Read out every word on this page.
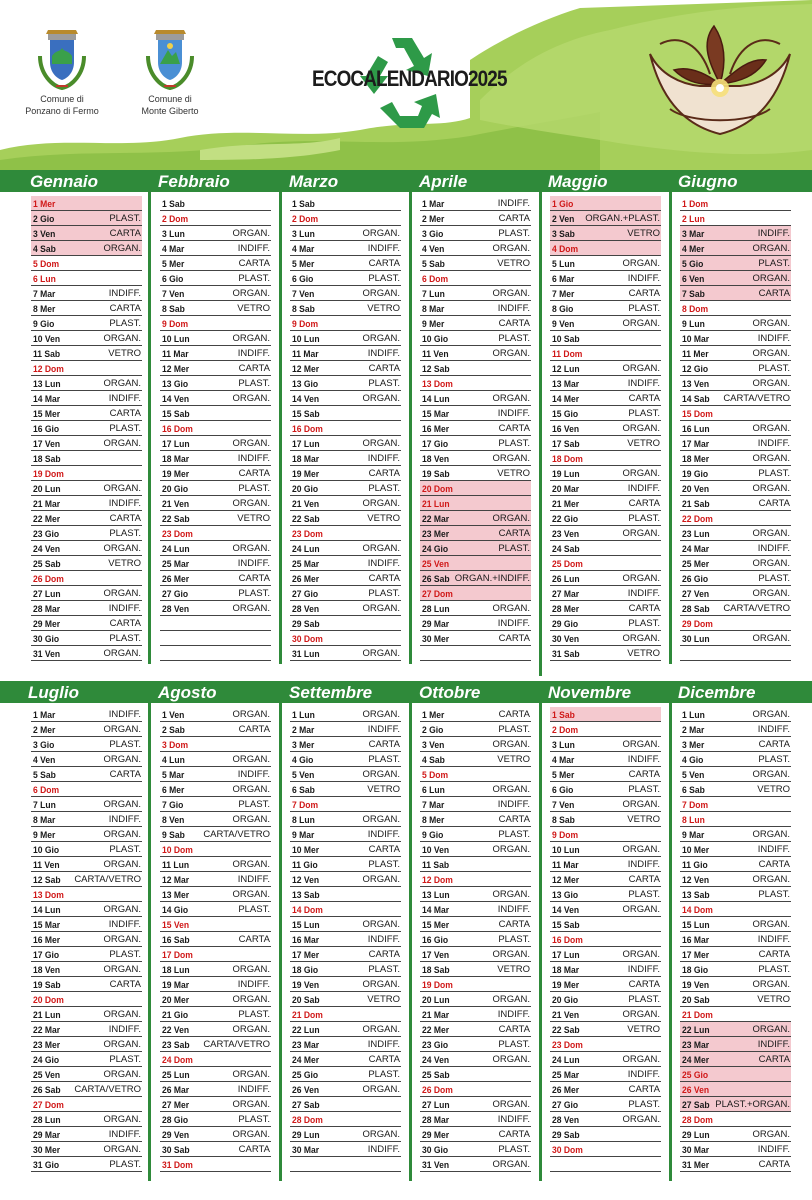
Comune di
Ponzano di Fermo
Comune di
Monte Giberto
ECOCALENDARIO2025
Gennaio	Febbraio	Marzo	Aprile	Maggio	Giugno
Luglio	Agosto	Settembre	Ottobre	Novembre	Dicembre
1 Mer
2 Gio	PLAST.
3 Ven	CARTA
4 Sab	ORGAN.
5 Dom
6 Lun
7 Mar	INDIFF.
8 Mer	CARTA
9 Gio	PLAST.
10 Ven	ORGAN.
11 Sab	VETRO
12 Dom
13 Lun	ORGAN.
14 Mar	INDIFF.
15 Mer	CARTA
16 Gio	PLAST.
17 Ven	ORGAN.
18 Sab
19 Dom
20 Lun	ORGAN.
21 Mar	INDIFF.
22 Mer	CARTA
23 Gio	PLAST.
24 Ven	ORGAN.
25 Sab	VETRO
26 Dom
27 Lun	ORGAN.
28 Mar	INDIFF.
29 Mer	CARTA
30 Gio	PLAST.
31 Ven	ORGAN.
1 Sab
2 Dom
3 Lun	ORGAN.
4 Mar	INDIFF.
5 Mer	CARTA
6 Gio	PLAST.
7 Ven	ORGAN.
8 Sab	VETRO
9 Dom
10 Lun	ORGAN.
11 Mar	INDIFF.
12 Mer	CARTA
13 Gio	PLAST.
14 Ven	ORGAN.
15 Sab
16 Dom
17 Lun	ORGAN.
18 Mar	INDIFF.
19 Mer	CARTA
20 Gio	PLAST.
21 Ven	ORGAN.
22 Sab	VETRO
23 Dom
24 Lun	ORGAN.
25 Mar	INDIFF.
26 Mer	CARTA
27 Gio	PLAST.
28 Ven	ORGAN.
1 Sab
2 Dom
3 Lun	ORGAN.
4 Mar	INDIFF.
5 Mer	CARTA
6 Gio	PLAST.
7 Ven	ORGAN.
8 Sab	VETRO
9 Dom
10 Lun	ORGAN.
11 Mar	INDIFF.
12 Mer	CARTA
13 Gio	PLAST.
14 Ven	ORGAN.
15 Sab
16 Dom
17 Lun	ORGAN.
18 Mar	INDIFF.
19 Mer	CARTA
20 Gio	PLAST.
21 Ven	ORGAN.
22 Sab	VETRO
23 Dom
24 Lun	ORGAN.
25 Mar	INDIFF.
26 Mer	CARTA
27 Gio	PLAST.
28 Ven	ORGAN.
29 Sab
30 Dom
31 Lun	ORGAN.
1 Mar	INDIFF.
2 Mer	CARTA
3 Gio	PLAST.
4 Ven	ORGAN.
5 Sab	VETRO
6 Dom
7 Lun	ORGAN.
8 Mar	INDIFF.
9 Mer	CARTA
10 Gio	PLAST.
11 Ven	ORGAN.
12 Sab
13 Dom
14 Lun	ORGAN.
15 Mar	INDIFF.
16 Mer	CARTA
17 Gio	PLAST.
18 Ven	ORGAN.
19 Sab	VETRO
20 Dom
21 Lun
22 Mar	ORGAN.
23 Mer	CARTA
24 Gio	PLAST.
25 Ven
26 Sab ORGAN.+INDIFF.
27 Dom
28 Lun	ORGAN.
29 Mar	INDIFF.
30 Mer	CARTA
1 Gio
2 Ven ORGAN.+PLAST.
3 Sab	VETRO
4 Dom
5 Lun	ORGAN.
6 Mar	INDIFF.
7 Mer	CARTA
8 Gio	PLAST.
9 Ven	ORGAN.
10 Sab
11 Dom
12 Lun	ORGAN.
13 Mar	INDIFF.
14 Mer	CARTA
15 Gio	PLAST.
16 Ven	ORGAN.
17 Sab	VETRO
18 Dom
19 Lun	ORGAN.
20 Mar	INDIFF.
21 Mer	CARTA
22 Gio	PLAST.
23 Ven	ORGAN.
24 Sab
25 Dom
26 Lun	ORGAN.
27 Mar	INDIFF.
28 Mer	CARTA
29 Gio	PLAST.
30 Ven	ORGAN.
31 Sab	VETRO
1 Dom
2 Lun
3 Mar	INDIFF.
4 Mer	ORGAN.
5 Gio	PLAST.
6 Ven	ORGAN.
7 Sab	CARTA
8 Dom
9 Lun	ORGAN.
10 Mar	INDIFF.
11 Mer	ORGAN.
12 Gio	PLAST.
13 Ven	ORGAN.
14 Sab CARTA/VETRO
15 Dom
16 Lun	ORGAN.
17 Mar	INDIFF.
18 Mer	ORGAN.
19 Gio	PLAST.
20 Ven	ORGAN.
21 Sab	CARTA
22 Dom
23 Lun	ORGAN.
24 Mar	INDIFF.
25 Mer	ORGAN.
26 Gio	PLAST.
27 Ven	ORGAN.
28 Sab CARTA/VETRO
29 Dom
30 Lun	ORGAN.
1 Mar	INDIFF.
2 Mer	ORGAN.
3 Gio	PLAST.
4 Ven	ORGAN.
5 Sab	CARTA
6 Dom
7 Lun	ORGAN.
8 Mar	INDIFF.
9 Mer	ORGAN.
10 Gio	PLAST.
11 Ven	ORGAN.
12 Sab CARTA/VETRO
13 Dom
14 Lun	ORGAN.
15 Mar	INDIFF.
16 Mer	ORGAN.
17 Gio	PLAST.
18 Ven	ORGAN.
19 Sab	CARTA
20 Dom
21 Lun	ORGAN.
22 Mar	INDIFF.
23 Mer	ORGAN.
24 Gio	PLAST.
25 Ven	ORGAN.
26 Sab CARTA/VETRO
27 Dom
28 Lun	ORGAN.
29 Mar	INDIFF.
30 Mer	ORGAN.
31 Gio	PLAST.
1 Ven	ORGAN.
2 Sab	CARTA
3 Dom
4 Lun	ORGAN.
5 Mar	INDIFF.
6 Mer	ORGAN.
7 Gio	PLAST.
8 Ven	ORGAN.
9 Sab CARTA/VETRO
10 Dom
11 Lun	ORGAN.
12 Mar	INDIFF.
13 Mer	ORGAN.
14 Gio	PLAST.
15 Ven
16 Sab	CARTA
17 Dom
18 Lun	ORGAN.
19 Mar	INDIFF.
20 Mer	ORGAN.
21 Gio	PLAST.
22 Ven	ORGAN.
23 Sab CARTA/VETRO
24 Dom
25 Lun	ORGAN.
26 Mar	INDIFF.
27 Mer	ORGAN.
28 Gio	PLAST.
29 Ven	ORGAN.
30 Sab	CARTA
31 Dom
1 Lun	ORGAN.
2 Mar	INDIFF.
3 Mer	CARTA
4 Gio	PLAST.
5 Ven	ORGAN.
6 Sab	VETRO
7 Dom
8 Lun	ORGAN.
9 Mar	INDIFF.
10 Mer	CARTA
11 Gio	PLAST.
12 Ven	ORGAN.
13 Sab
14 Dom
15 Lun	ORGAN.
16 Mar	INDIFF.
17 Mer	CARTA
18 Gio	PLAST.
19 Ven	ORGAN.
20 Sab	VETRO
21 Dom
22 Lun	ORGAN.
23 Mar	INDIFF.
24 Mer	CARTA
25 Gio	PLAST.
26 Ven	ORGAN.
27 Sab
28 Dom
29 Lun	ORGAN.
30 Mar	INDIFF.
1 Mer	CARTA
2 Gio	PLAST.
3 Ven	ORGAN.
4 Sab	VETRO
5 Dom
6 Lun	ORGAN.
7 Mar	INDIFF.
8 Mer	CARTA
9 Gio	PLAST.
10 Ven	ORGAN.
11 Sab
12 Dom
13 Lun	ORGAN.
14 Mar	INDIFF.
15 Mer	CARTA
16 Gio	PLAST.
17 Ven	ORGAN.
18 Sab	VETRO
19 Dom
20 Lun	ORGAN.
21 Mar	INDIFF.
22 Mer	CARTA
23 Gio	PLAST.
24 Ven	ORGAN.
25 Sab
26 Dom
27 Lun	ORGAN.
28 Mar	INDIFF.
29 Mer	CARTA
30 Gio	PLAST.
31 Ven	ORGAN.
1 Sab
2 Dom
3 Lun	ORGAN.
4 Mar	INDIFF.
5 Mer	CARTA
6 Gio	PLAST.
7 Ven	ORGAN.
8 Sab	VETRO
9 Dom
10 Lun	ORGAN.
11 Mar	INDIFF.
12 Mer	CARTA
13 Gio	PLAST.
14 Ven	ORGAN.
15 Sab
16 Dom
17 Lun	ORGAN.
18 Mar	INDIFF.
19 Mer	CARTA
20 Gio	PLAST.
21 Ven	ORGAN.
22 Sab	VETRO
23 Dom
24 Lun	ORGAN.
25 Mar	INDIFF.
26 Mer	CARTA
27 Gio	PLAST.
28 Ven	ORGAN.
29 Sab
30 Dom
1 Lun	ORGAN.
2 Mar	INDIFF.
3 Mer	CARTA
4 Gio	PLAST.
5 Ven	ORGAN.
6 Sab	VETRO
7 Dom
8 Lun
9 Mar	ORGAN.
10 Mer	INDIFF.
11 Gio	CARTA
12 Ven	ORGAN.
13 Sab	PLAST.
14 Dom
15 Lun	ORGAN.
16 Mar	INDIFF.
17 Mer	CARTA
18 Gio	PLAST.
19 Ven	ORGAN.
20 Sab	VETRO
21 Dom
22 Lun	ORGAN.
23 Mar	INDIFF.
24 Mer	CARTA
25 Gio
26 Ven
27 Sab PLAST.+ORGAN.
28 Dom
29 Lun	ORGAN.
30 Mar	INDIFF.
31 Mer	CARTA
